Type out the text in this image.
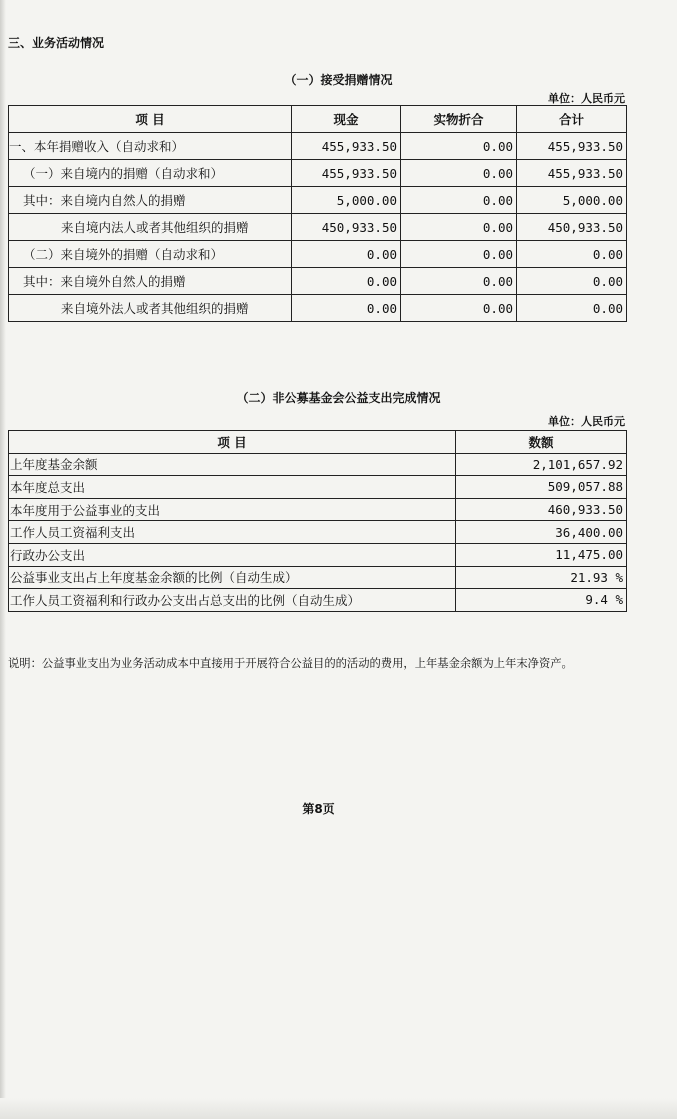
三、业务活动情况
（一）接受捐赠情况
单位：人民币元
项 目	现金	实物折合	合计
一、本年捐赠收入（自动求和）	455,933.50	0.00	455,933.50
（一）来自境内的捐赠（自动求和）	455,933.50	0.00	455,933.50
其中：来自境内自然人的捐赠	5,000.00	0.00	5,000.00
来自境内法人或者其他组织的捐赠	450,933.50	0.00	450,933.50
（二）来自境外的捐赠（自动求和）	0.00	0.00	0.00
其中：来自境外自然人的捐赠	0.00	0.00	0.00
来自境外法人或者其他组织的捐赠	0.00	0.00	0.00
（二）非公募基金会公益支出完成情况
单位：人民币元
项 目	数额
上年度基金余额	2,101,657.92
本年度总支出	509,057.88
本年度用于公益事业的支出	460,933.50
工作人员工资福利支出	36,400.00
行政办公支出	11,475.00
公益事业支出占上年度基金余额的比例（自动生成）	21.93 %
工作人员工资福利和行政办公支出占总支出的比例（自动生成）	9.4 %
说明：公益事业支出为业务活动成本中直接用于开展符合公益目的的活动的费用，上年基金余额为上年末净资产。
第8页
